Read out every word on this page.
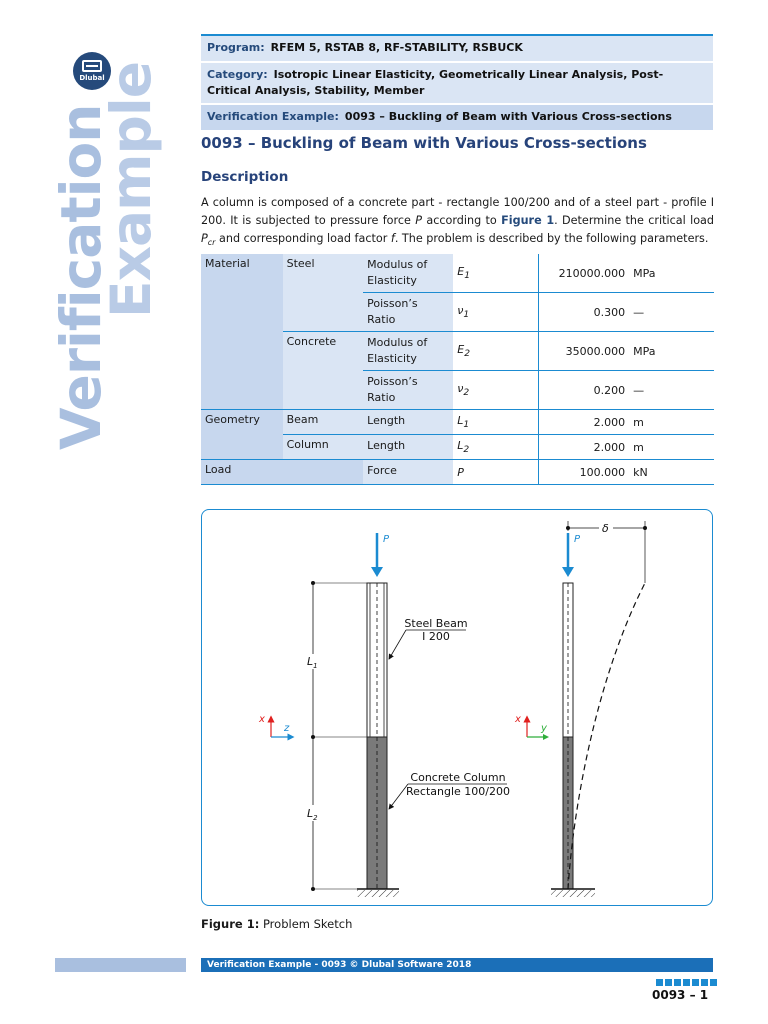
Dlubal
Verification
Example
Program: RFEM 5, RSTAB 8, RF-STABILITY, RSBUCK
Category: Isotropic Linear Elasticity, Geometrically Linear Analysis, Post-Critical Analysis, Stability, Member
Verification Example: 0093 – Buckling of Beam with Various Cross-sections
0093 – Buckling of Beam with Various Cross-sections
Description
A column is composed of a concrete part - rectangle 100/200 and of a steel part - profile I 200. It is subjected to pressure force P according to Figure 1. Determine the critical load $P_{cr}$ and corresponding load factor f. The problem is described by the following parameters.
Material	Steel	Modulus of Elasticity	$E_1$	210000.000	MPa
		Poisson’s Ratio	$\nu_1$	0.300	—
	Concrete	Modulus of Elasticity	$E_2$	35000.000	MPa
		Poisson’s Ratio	$\nu_2$	0.200	—
Geometry	Beam	Length	$L_1$	2.000	m
	Column	Length	$L_2$	2.000	m
Load		Force	P	100.000	kN
P
$L_1$
$L_2$
x
z
Steel Beam
I 200
Concrete Column
Rectangle 100/200
P
δ
x
y
Figure 1: Problem Sketch
Verification Example - 0093 © Dlubal Software 2018
0093 – 1
